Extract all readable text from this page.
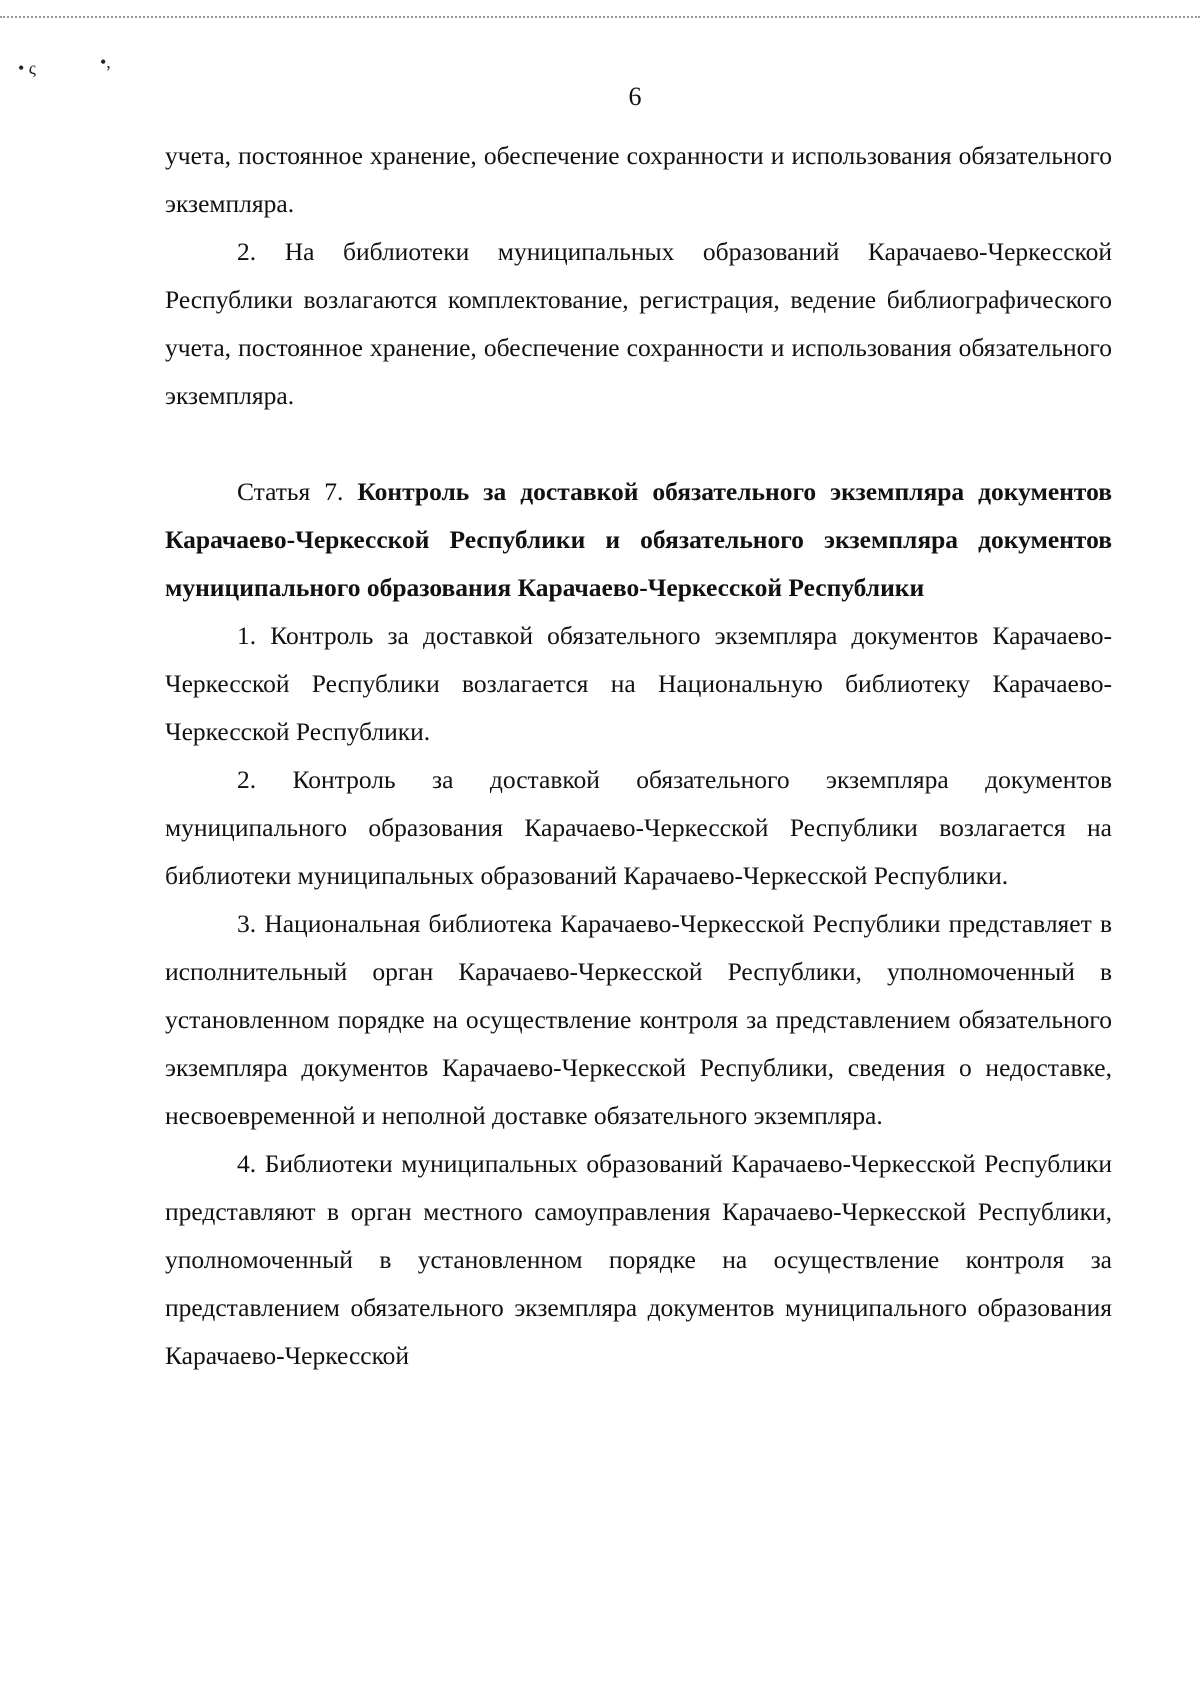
• ς	•,
6

учета, постоянное хранение, обеспечение сохранности и использования обязательного экземпляра.

2. На библиотеки муниципальных образований Карачаево-Черкесской Республики возлагаются комплектование, регистрация, ведение библиографического учета, постоянное хранение, обеспечение сохранности и использования обязательного экземпляра.

Статья 7. Контроль за доставкой обязательного экземпляра документов Карачаево-Черкесской Республики и обязательного экземпляра документов муниципального образования Карачаево-Черкесской Республики

1. Контроль за доставкой обязательного экземпляра документов Карачаево-Черкесской Республики возлагается на Национальную библиотеку Карачаево-Черкесской Республики.

2. Контроль за доставкой обязательного экземпляра документов муниципального образования Карачаево-Черкесской Республики возлагается на библиотеки муниципальных образований Карачаево-Черкесской Республики.

3. Национальная библиотека Карачаево-Черкесской Республики представляет в исполнительный орган Карачаево-Черкесской Республики, уполномоченный в установленном порядке на осуществление контроля за представлением обязательного экземпляра документов Карачаево-Черкесской Республики, сведения о недоставке, несвоевременной и неполной доставке обязательного экземпляра.

4. Библиотеки муниципальных образований Карачаево-Черкесской Республики представляют в орган местного самоуправления Карачаево-Черкесской Республики, уполномоченный в установленном порядке на осуществление контроля за представлением обязательного экземпляра документов муниципального образования Карачаево-Черкесской
